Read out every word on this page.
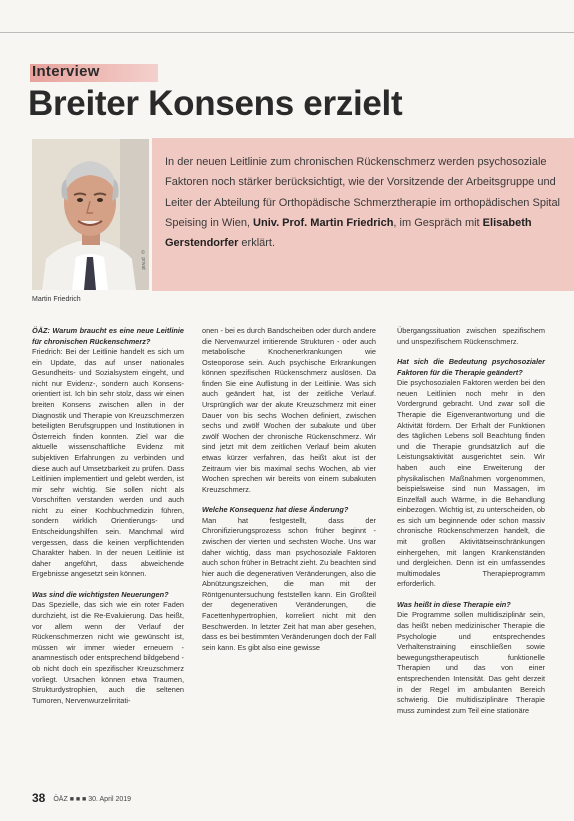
Interview
Breiter Konsens erzielt
© privat
Martin Friedrich

In der neuen Leitlinie zum chronischen Rückenschmerz werden psychosoziale Faktoren noch stärker berücksichtigt, wie der Vorsitzende der Arbeitsgruppe und Leiter der Abteilung für Orthopädische Schmerztherapie im orthopädischen Spital Speising in Wien, Univ. Prof. Martin Friedrich, im Gespräch mit Elisabeth Gerstendorfer erklärt.

ÖÄZ: Warum braucht es eine neue Leitlinie für chronischen Rückenschmerz?

Friedrich: Bei der Leitlinie handelt es sich um ein Update, das auf unser nationales Gesundheits- und Sozialsystem eingeht, und nicht nur Evidenz-, sondern auch Konsens-orientiert ist. Ich bin sehr stolz, dass wir einen breiten Konsens zwischen allen in der Diagnostik und Therapie von Kreuzschmerzen beteiligten Berufsgruppen und Institutionen in Österreich finden konnten. Ziel war die aktuelle wissenschaftliche Evidenz mit subjektiven Erfahrungen zu verbinden und diese auch auf Umsetzbarkeit zu prüfen. Dass Leitlinien implementiert und gelebt werden, ist mir sehr wichtig. Sie sollen nicht als Vorschriften verstanden werden und auch nicht zu einer Kochbuchmedizin führen, sondern wirklich Orientierungs- und Entscheidungshilfen sein. Manchmal wird vergessen, dass die keinen verpflichtenden Charakter haben. In der neuen Leitlinie ist daher angeführt, dass abweichende Ergebnisse angesetzt sein können.

Was sind die wichtigsten Neuerungen?

Das Spezielle, das sich wie ein roter Faden durchzieht, ist die Re-Evaluierung. Das heißt, vor allem wenn der Verlauf der Rückenschmerzen nicht wie gewünscht ist, müssen wir immer wieder erneuern - anamnestisch oder entsprechend bildgebend - ob nicht doch ein spezifischer Kreuzschmerz vorliegt. Ursachen können etwa Traumen, Strukturdystrophien, auch die seltenen Tumoren, Nervenwurzelirritati-

onen - bei es durch Bandscheiben oder durch andere die Nervenwurzel irritierende Strukturen - oder auch metabolische Knochenerkrankungen wie Osteoporose sein. Auch psychische Erkrankungen können spezifischen Rückenschmerz auslösen. Da finden Sie eine Auflistung in der Leitlinie. Was sich auch geändert hat, ist der zeitliche Verlauf. Ursprünglich war der akute Kreuzschmerz mit einer Dauer von bis sechs Wochen definiert, zwischen sechs und zwölf Wochen der subakute und über zwölf Wochen der chronische Rückenschmerz. Wir sind jetzt mit dem zeitlichen Verlauf beim akuten etwas kürzer verfahren, das heißt akut ist der Zeitraum vier bis maximal sechs Wochen, ab vier Wochen sprechen wir bereits von einem subakuten Kreuzschmerz.

Welche Konsequenz hat diese Änderung?

Man hat festgestellt, dass der Chronifizierungsprozess schon früher beginnt - zwischen der vierten und sechsten Woche. Uns war daher wichtig, dass man psychosoziale Faktoren auch schon früher in Betracht zieht. Zu beachten sind hier auch die degenerativen Veränderungen, also die Abnützungszeichen, die man mit der Röntgenuntersuchung feststellen kann. Ein Großteil der degenerativen Veränderungen, die Facettenhypertrophien, korreliert nicht mit den Beschwerden. In letzter Zeit hat man aber gesehen, dass es bei bestimmten Veränderungen doch der Fall sein kann. Es gibt also eine gewisse

Übergangssituation zwischen spezifischem und unspezifischem Rückenschmerz.

Hat sich die Bedeutung psychosozialer Faktoren für die Therapie geändert?

Die psychosozialen Faktoren werden bei den neuen Leitlinien noch mehr in den Vordergrund gebracht. Und zwar soll die Therapie die Eigenverantwortung und die Aktivität fördern. Der Erhalt der Funktionen des täglichen Lebens soll Beachtung finden und die Therapie grundsätzlich auf die Leistungsaktivität ausgerichtet sein. Wir haben auch eine Erweiterung der physikalischen Maßnahmen vorgenommen, beispielsweise sind nun Massagen, im Einzelfall auch Wärme, in die Behandlung einbezogen. Wichtig ist, zu unterscheiden, ob es sich um beginnende oder schon massiv chronische Rückenschmerzen handelt, die mit großen Aktivitätseinschränkungen einhergehen, mit langen Krankenständen und dergleichen. Denn ist ein umfassendes multimodales Therapieprogramm erforderlich.

Was heißt in diese Therapie ein?

Die Programme sollen multidisziplinär sein, das heißt neben medizinischer Therapie die Psychologie und entsprechendes Verhaltenstraining einschließen sowie bewegungstherapeutisch funktionelle Therapien und das von einer entsprechenden Intensität. Das geht derzeit in der Regel im ambulanten Bereich schwierig. Die multidisziplinäre Therapie muss zumindest zum Teil eine stationäre

38 ÖÄZ ■ ■ ■ 30. April 2019
